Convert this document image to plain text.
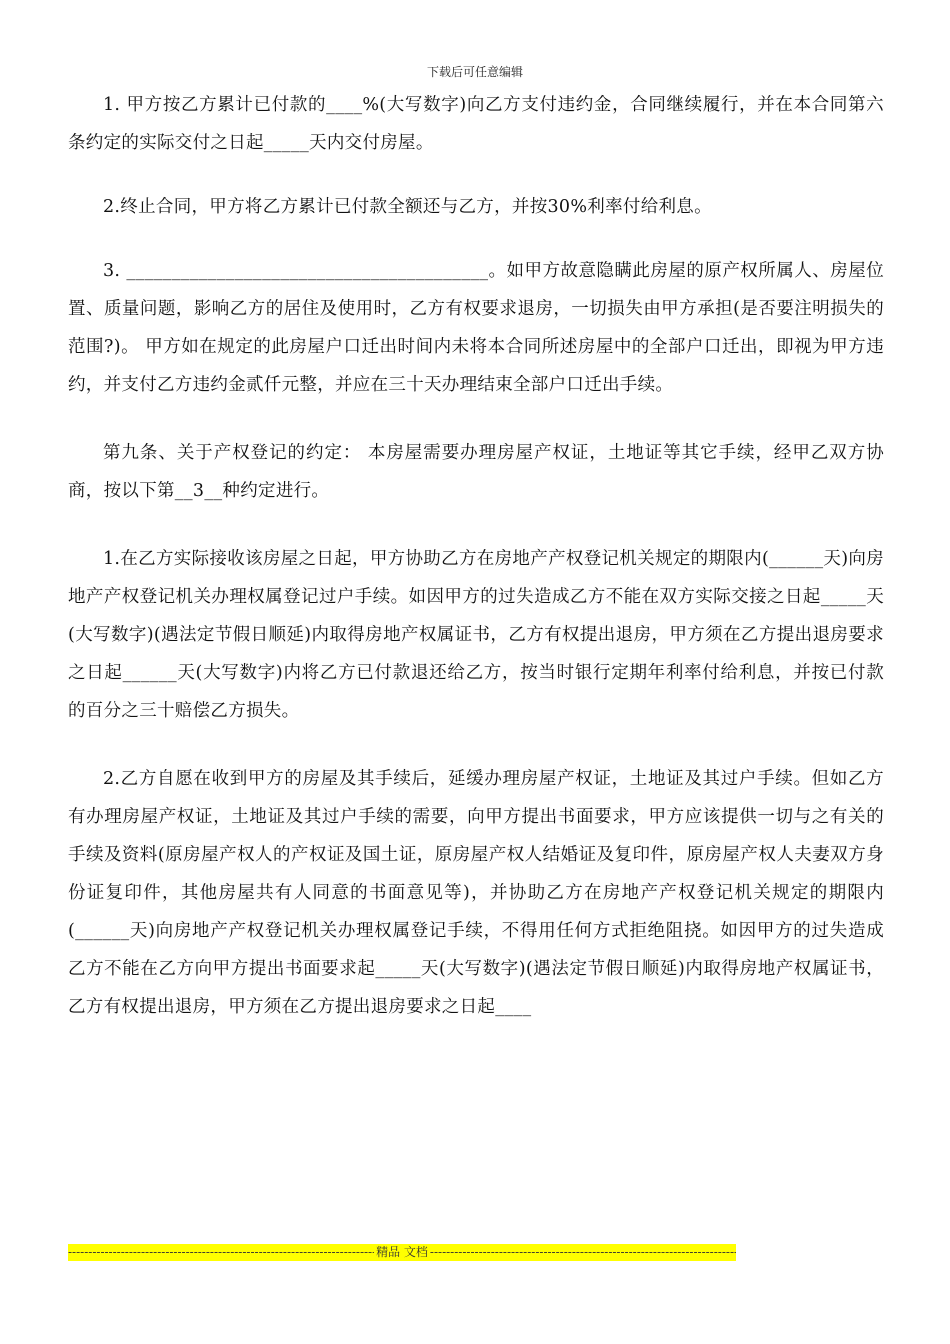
下载后可任意编辑

1. 甲方按乙方累计已付款的____%(大写数字)向乙方支付违约金，合同继续履行，并在本合同第六条约定的实际交付之日起_____天内交付房屋。

2.终止合同，甲方将乙方累计已付款全额还与乙方，并按30%利率付给利息。

3. ________________________________________。如甲方故意隐瞒此房屋的原产权所属人、房屋位置、质量问题，影响乙方的居住及使用时，乙方有权要求退房，一切损失由甲方承担(是否要注明损失的范围?)。 甲方如在规定的此房屋户口迁出时间内未将本合同所述房屋中的全部户口迁出，即视为甲方违约，并支付乙方违约金贰仟元整，并应在三十天办理结束全部户口迁出手续。

第九条、关于产权登记的约定： 本房屋需要办理房屋产权证，土地证等其它手续，经甲乙双方协商，按以下第__3__种约定进行。

1.在乙方实际接收该房屋之日起，甲方协助乙方在房地产产权登记机关规定的期限内(______天)向房地产产权登记机关办理权属登记过户手续。如因甲方的过失造成乙方不能在双方实际交接之日起_____天(大写数字)(遇法定节假日顺延)内取得房地产权属证书，乙方有权提出退房，甲方须在乙方提出退房要求之日起______天(大写数字)内将乙方已付款退还给乙方，按当时银行定期年利率付给利息，并按已付款的百分之三十赔偿乙方损失。

2.乙方自愿在收到甲方的房屋及其手续后，延缓办理房屋产权证，土地证及其过户手续。但如乙方有办理房屋产权证，土地证及其过户手续的需要，向甲方提出书面要求，甲方应该提供一切与之有关的手续及资料(原房屋产权人的产权证及国土证，原房屋产权人结婚证及复印件，原房屋产权人夫妻双方身份证复印件，其他房屋共有人同意的书面意见等)，并协助乙方在房地产产权登记机关规定的期限内(______天)向房地产产权登记机关办理权属登记手续，不得用任何方式拒绝阻挠。如因甲方的过失造成乙方不能在乙方向甲方提出书面要求起_____天(大写数字)(遇法定节假日顺延)内取得房地产权属证书，乙方有权提出退房，甲方须在乙方提出退房要求之日起____

-----
精品 文档
-----
